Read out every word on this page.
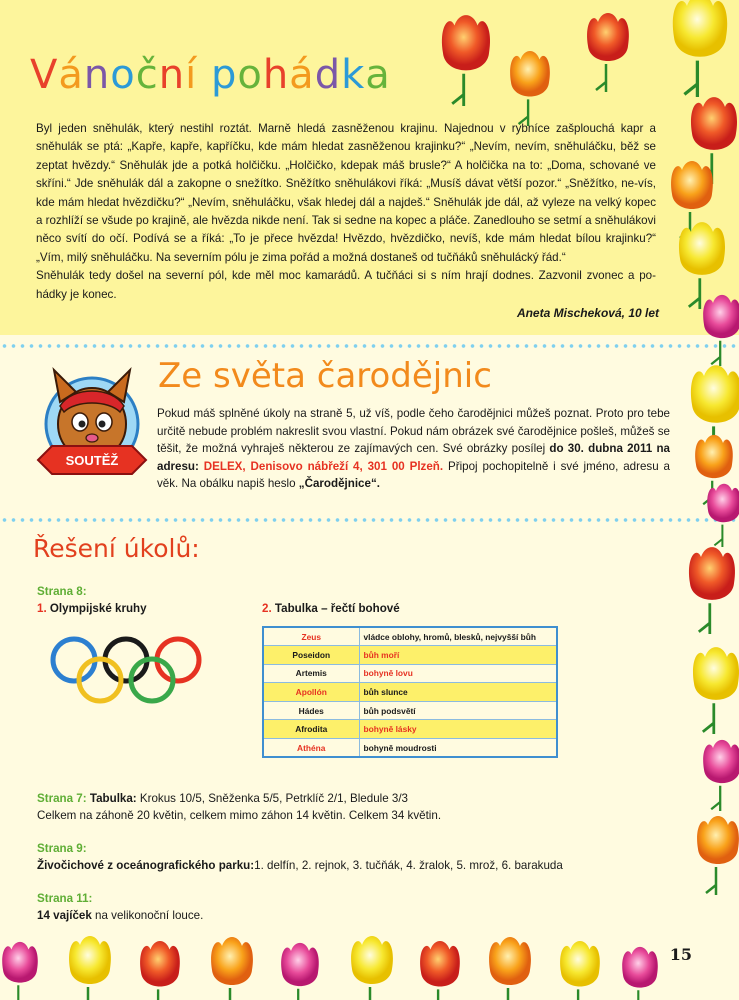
Vánoční pohádka

Byl jeden sněhulák, který nestihl roztát. Marně hledá zasněženou krajinu. Najednou v rybníce zašplouchá kapr a sněhulák se ptá: „Kapře, kapře, kapříčku, kde mám hledat zasněženou krajinku?“ „Nevím, nevím, sněhuláčku, běž se zeptat hvězdy.“ Sněhulák jde a potká holčičku. „Holčičko, kdepak máš brusle?“ A holčička na to: „Doma, schované ve skříni.“ Jde sněhulák dál a zakopne o snežítko. Sněžítko sněhulákovi říká: „Musíš dávat větší pozor.“ „Sněžítko, ne-vís, kde mám hledat hvězdičku?“ „Nevím, sněhuláčku, však hledej dál a najdeš.“ Sněhulák jde dál, až vyleze na velký kopec a rozhlíží se všude po krajině, ale hvězda nikde není. Tak si sedne na kopec a pláče. Zanedlouho se setmí a sněhulákovi něco svítí do očí. Podívá se a říká: „To je přece hvězda! Hvězdo, hvězdičko, nevíš, kde mám hledat bílou krajinku?“ „Vím, milý sněhuláčku. Na severním pólu je zima pořád a možná dostaneš od tučňáků sněhulácký řád.“

Sněhulák tedy došel na severní pól, kde měl moc kamarádů. A tučňáci si s ním hrají dodnes. Zazvonil zvonec a po-hádky je konec.

Aneta Mischeková, 10 let
SOUTĚŽ
Ze světa čarodějnic
Pokud máš splněné úkoly na straně 5, už víš, podle čeho čarodějnici můžeš poznat. Proto pro tebe určitě nebude problém nakreslit svou vlastní. Pokud nám obrázek své čarodějnice pošleš, můžeš se těšit, že možná vyhraješ některou ze zajímavých cen. Své obrázky posílej do 30. dubna 2011 na adresu: DELEX, Denisovo nábřeží 4, 301 00 Plzeň. Připoj pochopitelně i své jméno, adresu a věk. Na obálku napiš heslo „Čarodějnice“.
Řešení úkolů:
Strana 8:
1. Olympijské kruhy	2. Tabulka – řečtí bohové
Zeus	vládce oblohy, hromů, blesků, nejvyšší bůh
Poseidon	bůh moří
Artemis	bohyně lovu
Apollón	bůh slunce
Hádes	bůh podsvětí
Afrodita	bohyně lásky
Athéna	bohyně moudrosti
Strana 7: Tabulka: Krokus 10/5, Sněženka 5/5, Petrklíč 2/1, Bledule 3/3
Celkem na záhoně 20 květin, celkem mimo záhon 14 květin. Celkem 34 květin.
Strana 9:
Živočichové z oceánografického parku:1. delfín, 2. rejnok, 3. tučňák, 4. žralok, 5. mrož, 6. barakuda
Strana 11:
14 vajíček na velikonoční louce.
15
